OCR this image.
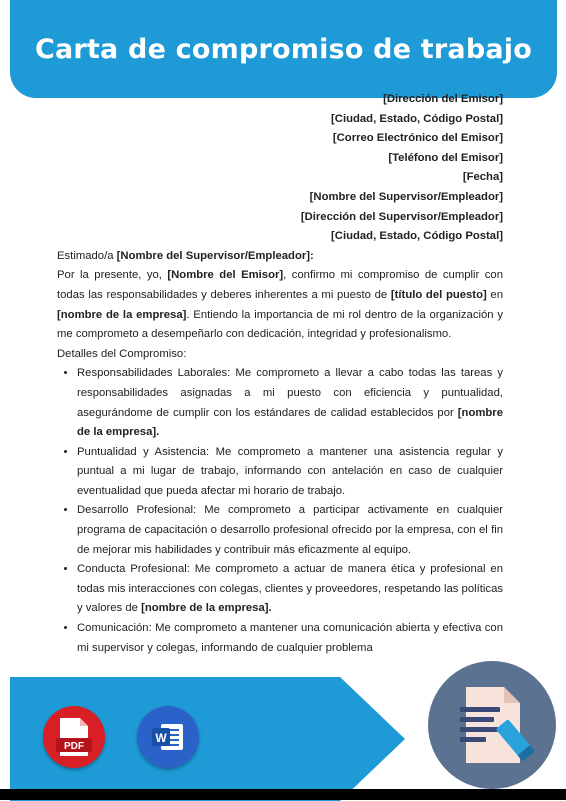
Carta de compromiso de trabajo
[Dirección del Emisor]
[Ciudad, Estado, Código Postal]
[Correo Electrónico del Emisor]
[Teléfono del Emisor]
[Fecha]
[Nombre del Supervisor/Empleador]
[Dirección del Supervisor/Empleador]
[Ciudad, Estado, Código Postal]
Estimado/a [Nombre del Supervisor/Empleador]:
Por la presente, yo, [Nombre del Emisor], confirmo mi compromiso de cumplir con todas las responsabilidades y deberes inherentes a mi puesto de [título del puesto] en [nombre de la empresa]. Entiendo la importancia de mi rol dentro de la organización y me comprometo a desempeñarlo con dedicación, integridad y profesionalismo.
Detalles del Compromiso:
• Responsabilidades Laborales: Me comprometo a llevar a cabo todas las tareas y responsabilidades asignadas a mi puesto con eficiencia y puntualidad, asegurándome de cumplir con los estándares de calidad establecidos por [nombre de la empresa].
• Puntualidad y Asistencia: Me comprometo a mantener una asistencia regular y puntual a mi lugar de trabajo, informando con antelación en caso de cualquier eventualidad que pueda afectar mi horario de trabajo.
• Desarrollo Profesional: Me comprometo a participar activamente en cualquier programa de capacitación o desarrollo profesional ofrecido por la empresa, con el fin de mejorar mis habilidades y contribuir más eficazmente al equipo.
• Conducta Profesional: Me comprometo a actuar de manera ética y profesional en todas mis interacciones con colegas, clientes y proveedores, respetando las políticas y valores de [nombre de la empresa].
• Comunicación: Me comprometo a mantener una comunicación abierta y efectiva con mi supervisor y colegas, informando de cualquier problema
PDF
W
